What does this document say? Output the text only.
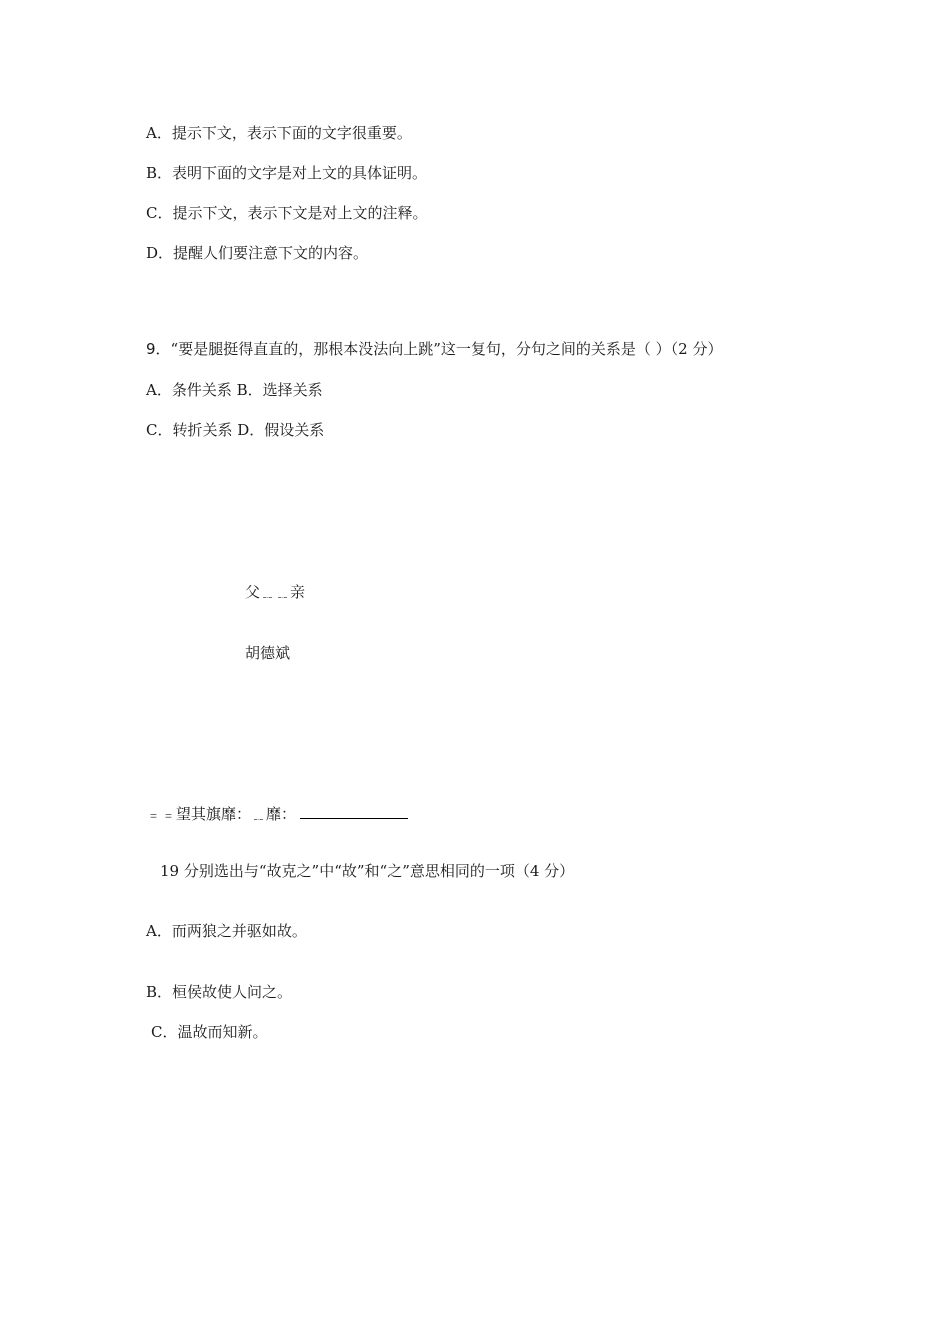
A．提示下文，表示下面的文字很重要。
B．表明下面的文字是对上文的具体证明。
C．提示下文，表示下文是对上文的注释。
D．提醒人们要注意下文的内容。
9．“要是腿挺得直直的，那根本没法向上跳”这一复句，分句之间的关系是（ ）（2 分）
A．条件关系 B．选择关系
C．转折关系 D．假设关系
父﹎﹎亲
胡德斌
﹦﹦望其旗靡：﹎靡：
19 分别选出与“故克之”中“故”和“之”意思相同的一项（4 分）
A．而两狼之并驱如故。
B．桓侯故使人问之。
C．温故而知新。
